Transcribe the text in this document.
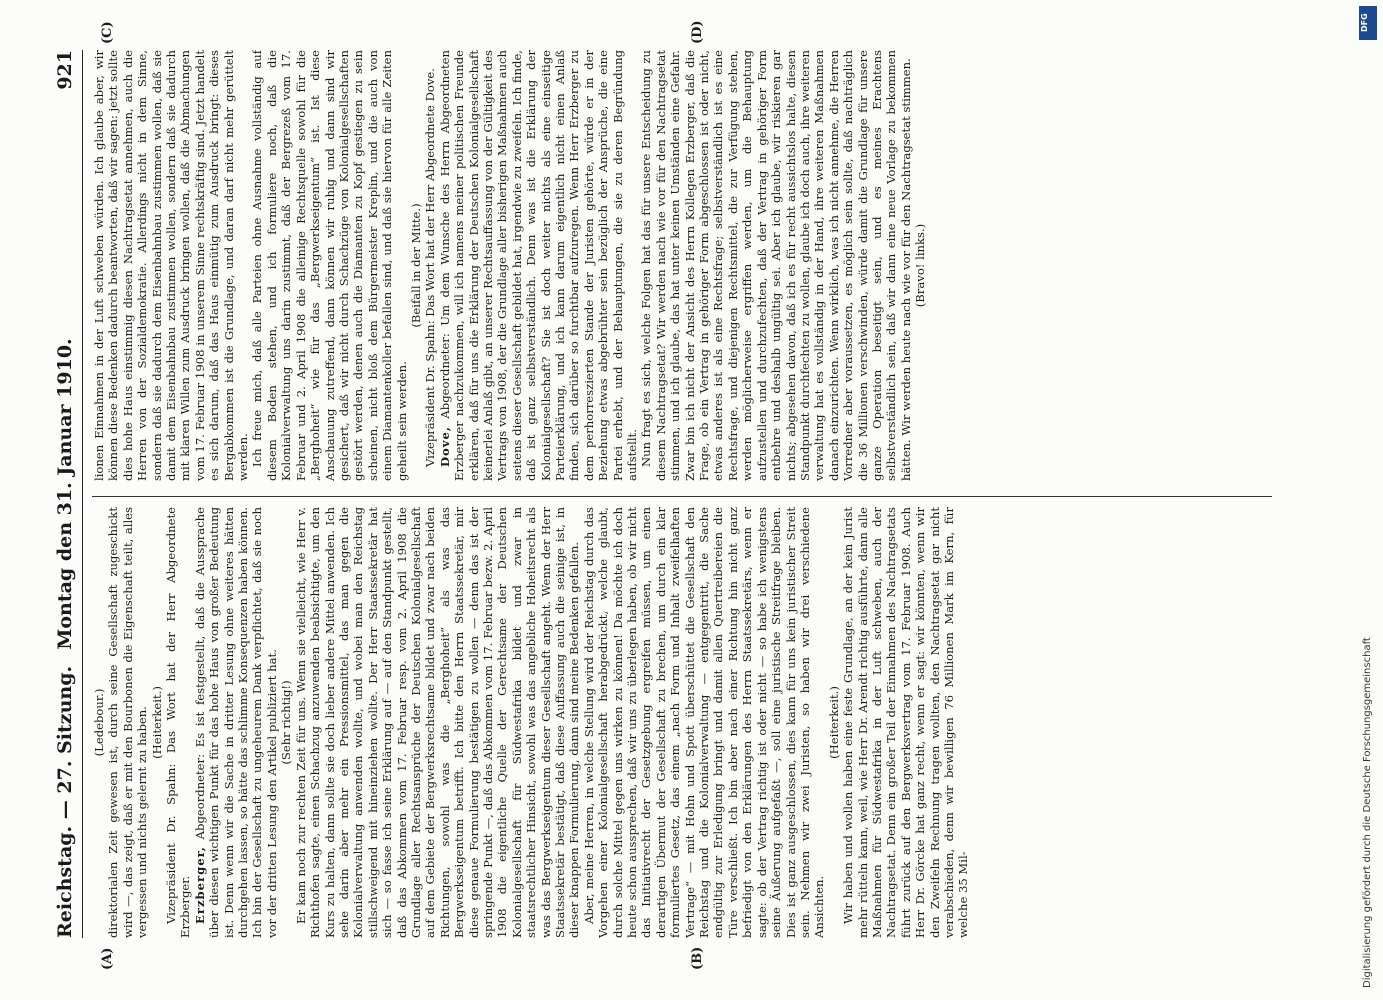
Reichstag. — 27. Sitzung.
Montag den 31. Januar 1910.
921
(A)	(B)
(C)	(D)

(Ledebour.) direktorialen Zeit gewesen ist, durch seine Gesellschaft zugeschickt wird —, das zeigt, daß er mit den Bourbonen die Eigenschaft teilt, alles vergessen und nichts gelernt zu haben. (Heiterkeit.) Vizepräsident Dr. Spahn: Das Wort hat der Herr Abgeordnete Erzberger. Erzberger, Abgeordneter: Es ist festgestellt, daß die Aussprache über diesen wichtigen Punkt für das hohe Haus von großer Bedeutung ist. Denn wenn wir die Sache in dritter Lesung ohne weiteres hätten durchgehen lassen, so hätte das schlimme Konsequenzen haben können. Ich bin der Gesellschaft zu ungeheurem Dank verpflichtet, daß sie noch vor der dritten Lesung den Artikel publiziert hat. (Sehr richtig!) Er kam noch zur rechten Zeit für uns. Wenn sie vielleicht, wie Herr v. Richthofen sagte, einen Schachzug anzuwenden beabsichtigte, um den Kurs zu halten, dann sollte sie doch lieber andere Mittel anwenden. Ich sehe darin aber mehr ein Pressionsmittel, das man gegen die Kolonialverwaltung anwenden wollte, und wobei man den Reichstag stillschweigend mit hineinziehen wollte. Der Herr Staatssekretär hat sich — so fasse ich seine Erklärung auf — auf den Standpunkt gestellt, daß das Abkommen vom 17. Februar resp. vom 2. April 1908 die Grundlage aller Rechtsansprüche der Deutschen Kolonialgesellschaft auf dem Gebiete der Bergwerksrechtsame bildet und zwar nach beiden Richtungen, sowohl was die „Berghoheit“ als was das Bergwerkseigentum betrifft. Ich bitte den Herrn Staatssekretär, mir diese genaue Formulierung bestätigen zu wollen — denn das ist der springende Punkt —, daß das Abkommen vom 17. Februar bezw. 2. April 1908 die eigentliche Quelle der Gerechtsame der Deutschen Kolonialgesellschaft für Südwestafrika bildet und zwar in staatsrechtlicher Hinsicht, sowohl was das angebliche Hoheitsrecht als was das Bergwerkseigentum dieser Gesellschaft angeht. Wenn der Herr Staatssekretär bestätigt, daß diese Auffassung auch die seinige ist, in dieser knappen Formulierung, dann sind meine Bedenken gefallen. Aber, meine Herren, in welche Stellung wird der Reichstag durch das Vorgehen einer Kolonialgesellschaft herabgedrückt, welche glaubt, durch solche Mittel gegen uns wirken zu können! Da möchte ich doch heute schon aussprechen, daß wir uns zu überlegen haben, ob wir nicht das Initiativrecht der Gesetzgebung ergreifen müssen, um einen derartigen Übermut der Gesellschaft zu brechen, um durch ein klar formuliertes Gesetz, das einem „nach Form und Inhalt zweifelhaften Vertrage“ — mit Hohn und Spott überschüttet die Gesellschaft den Reichstag und die Kolonialverwaltung — entgegentritt, die Sache endgültig zur Erledigung bringt und damit allen Quertreibereien die Türe verschließt. Ich bin aber nach einer Richtung hin nicht ganz befriedigt von den Erklärungen des Herrn Staatssekretärs, wenn er sagte: ob der Vertrag richtig ist oder nicht — so habe ich wenigstens seine Äußerung aufgefaßt —, soll eine juristische Streitfrage bleiben. Dies ist ganz ausgeschlossen, dies kann für uns kein juristischer Streit sein. Nehmen wir zwei Juristen, so haben wir drei verschiedene Ansichten.

(Heiterkeit.) Wir haben und wollen haben eine feste Grundlage, an der kein Jurist mehr rütteln kann, weil, wie Herr Dr. Arendt richtig ausführte, dann alle Maßnahmen für Südwestafrika in der Luft schweben, auch der Nachtragsetat. Denn ein großer Teil der Einnahmen des Nachtragsetats führt zurück auf den Bergwerksvertrag vom 17. Februar 1908. Auch Herr Dr. Görcke hat ganz recht, wenn er sagt: wir könnten, wenn wir den Zweifeln Rechnung tragen wollten, den Nachtragsetat gar nicht verabschieden, denn wir bewilligen 76 Millionen Mark im Kern, für welche 35 Mil-

lionen Einnahmen in der Luft schweben würden. Ich glaube aber, wir können diese Bedenken dadurch beantworten, daß wir sagen: jetzt sollte dies hohe Haus einstimmig diesen Nachtragsetat annehmen, auch die Herren von der Sozialdemokratie. Allerdings nicht in dem Sinne, sondern daß sie dadurch dem Eisenbahnbau zustimmen wollen, daß sie damit dem Eisenbahnbau zustimmen wollen, sondern daß sie dadurch mit klaren Willen zum Ausdruck bringen wollen, daß die Abmachungen vom 17. Februar 1908 in unserem Sinne rechtskräftig sind. Jetzt handelt es sich darum, daß das Haus einmütig zum Ausdruck bringt: dieses Bergabkommen ist die Grundlage, und daran darf nicht mehr gerüttelt werden. Ich freue mich, daß alle Parteien ohne Ausnahme vollständig auf diesem Boden stehen, und ich formuliere noch, daß die Kolonialverwaltung uns darin zustimmt, daß der Bergrezeß vom 17. Februar und 2. April 1908 die alleinige Rechtsquelle sowohl für die „Berghoheit“ wie für das „Bergwerkseigentum“ ist. Ist diese Anschauung zutreffend, dann können wir ruhig und dann sind wir gesichert, daß wir nicht durch Schachzüge von Kolonialgesellschaften gestört werden, denen auch die Diamanten zu Kopf gestiegen zu sein scheinen, nicht bloß dem Bürgermeister Kreplin, und die auch von einem Diamantenkoller befallen sind, und daß sie hiervon für alle Zeiten geheilt sein werden.

(Beifall in der Mitte.) Vizepräsident Dr. Spahn: Das Wort hat der Herr Abgeordnete Dove. Dove, Abgeordneter: Um dem Wunsche des Herrn Abgeordneten Erzberger nachzukommen, will ich namens meiner politischen Freunde erklären, daß für uns die Erklärung der Deutschen Kolonialgesellschaft keinerlei Anlaß gibt, an unserer Rechtsauffassung von der Gültigkeit des Vertrags von 1908, der die Grundlage aller bisherigen Maßnahmen auch seitens dieser Gesellschaft gebildet hat, irgendwie zu zweifeln. Ich finde, daß ist ganz selbstverständlich. Denn was ist die Erklärung der Kolonialgesellschaft? Sie ist doch weiter nichts als eine einseitige Parteierklärung, und ich kann darum eigentlich nicht einen Anlaß finden, sich darüber so furchtbar aufzuregen. Wenn Herr Erzberger zu dem perhorreszierten Stande der Juristen gehörte, würde er in der Beziehung etwas abgebrühter sein bezüglich der Ansprüche, die eine Partei erhebt, und der Behauptungen, die sie zu deren Begründung aufstellt. Nun fragt es sich, welche Folgen hat das für unsere Entscheidung zu diesem Nachtragsetat? Wir werden nach wie vor für den Nachtragsetat stimmen, und ich glaube, das hat unter keinen Umständen eine Gefahr. Zwar bin ich nicht der Ansicht des Herrn Kollegen Erzberger, daß die Frage, ob ein Vertrag in gehöriger Form abgeschlossen ist oder nicht, etwas anderes ist als eine Rechtsfrage; selbstverständlich ist es eine Rechtsfrage, und diejenigen Rechtsmittel, die zur Verfügung stehen, werden möglicherweise ergriffen werden, um die Behauptung aufzustellen und durchzufechten, daß der Vertrag in gehöriger Form entbehre und deshalb ungültig sei. Aber ich glaube, wir riskieren gar nichts; abgesehen davon, daß ich es für recht aussichtslos halte, diesen Standpunkt durchfechten zu wollen, glaube ich doch auch, ihre weiteren verwaltung hat es vollständig in der Hand, ihre weiteren Maßnahmen danach einzurichten. Wenn wirklich, was ich nicht annehme, die Herren Vorredner aber voraussetzen, es möglich sein sollte, daß nachträglich die 36 Millionen verschwinden, würde damit die Grundlage für unsere ganze Operation beseitigt sein, und es meines Erachtens selbstverständlich sein, daß wir dann eine neue Vorlage zu bekommen hätten. Wir werden heute nach wie vor für den Nachtragsetat stimmen. (Bravo! links.)

DFG
Digitalisierung gefördert durch die Deutsche Forschungsgemeinschaft
